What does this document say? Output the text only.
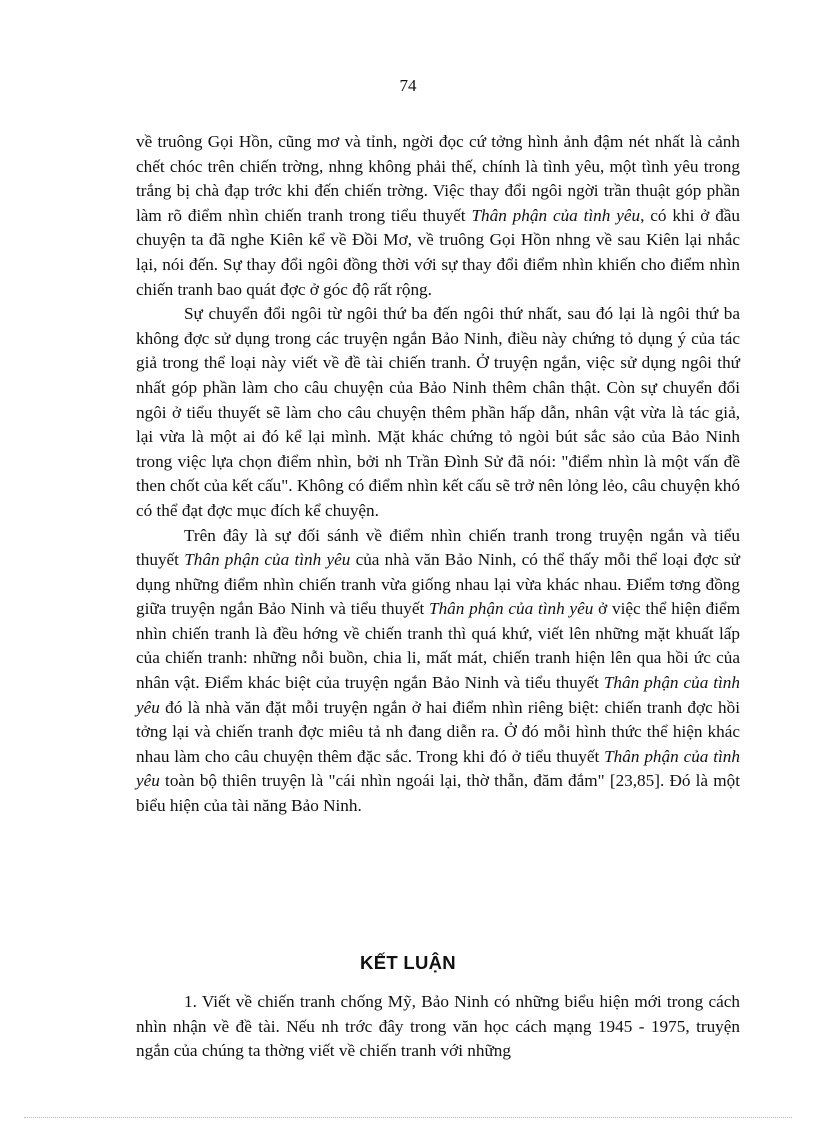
74

về truông Gọi Hồn, cũng mơ và tỉnh, ngời đọc cứ tởng hình ảnh đậm nét nhất là cảnh chết chóc trên chiến trờng, nhng không phải thế, chính là tình yêu, một tình yêu trong trắng bị chà đạp trớc khi đến chiến trờng. Việc thay đổi ngôi ngời trần thuật góp phần làm rõ điểm nhìn chiến tranh trong tiểu thuyết Thân phận của tình yêu, có khi ở đầu chuyện ta đã nghe Kiên kể về Đồi Mơ, về truông Gọi Hồn nhng về sau Kiên lại nhắc lại, nói đến. Sự thay đổi ngôi đồng thời với sự thay đổi điểm nhìn khiến cho điểm nhìn chiến tranh bao quát đợc ở góc độ rất rộng.

Sự chuyển đổi ngôi từ ngôi thứ ba đến ngôi thứ nhất, sau đó lại là ngôi thứ ba không đợc sử dụng trong các truyện ngắn Bảo Ninh, điều này chứng tỏ dụng ý của tác giả trong thể loại này viết về đề tài chiến tranh. Ở truyện ngắn, việc sử dụng ngôi thứ nhất góp phần làm cho câu chuyện của Bảo Ninh thêm chân thật. Còn sự chuyển đổi ngôi ở tiểu thuyết sẽ làm cho câu chuyện thêm phần hấp dẫn, nhân vật vừa là tác giả, lại vừa là một ai đó kể lại mình. Mặt khác chứng tỏ ngòi bút sắc sảo của Bảo Ninh trong việc lựa chọn điểm nhìn, bởi nh Trần Đình Sử đã nói: "điểm nhìn là một vấn đề then chốt của kết cấu". Không có điểm nhìn kết cấu sẽ trở nên lỏng lẻo, câu chuyện khó có thể đạt đợc mục đích kể chuyện.

Trên đây là sự đối sánh về điểm nhìn chiến tranh trong truyện ngắn và tiểu thuyết Thân phận của tình yêu của nhà văn Bảo Ninh, có thể thấy mỗi thể loại đợc sử dụng những điểm nhìn chiến tranh vừa giống nhau lại vừa khác nhau. Điểm tơng đồng giữa truyện ngắn Bảo Ninh và tiểu thuyết Thân phận của tình yêu ở việc thể hiện điểm nhìn chiến tranh là đều hớng về chiến tranh thì quá khứ, viết lên những mặt khuất lấp của chiến tranh: những nỗi buồn, chia li, mất mát, chiến tranh hiện lên qua hồi ức của nhân vật. Điểm khác biệt của truyện ngắn Bảo Ninh và tiểu thuyết Thân phận của tình yêu đó là nhà văn đặt mỗi truyện ngắn ở hai điểm nhìn riêng biệt: chiến tranh đợc hồi tởng lại và chiến tranh đợc miêu tả nh đang diễn ra. Ở đó mỗi hình thức thể hiện khác nhau làm cho câu chuyện thêm đặc sắc. Trong khi đó ở tiểu thuyết Thân phận của tình yêu toàn bộ thiên truyện là "cái nhìn ngoái lại, thờ thẫn, đăm đắm" [23,85]. Đó là một biểu hiện của tài năng Bảo Ninh.

KẾT LUẬN

1. Viết về chiến tranh chống Mỹ, Bảo Ninh có những biểu hiện mới trong cách nhìn nhận về đề tài. Nếu nh trớc đây trong văn học cách mạng 1945 - 1975, truyện ngắn của chúng ta thờng viết về chiến tranh với những
